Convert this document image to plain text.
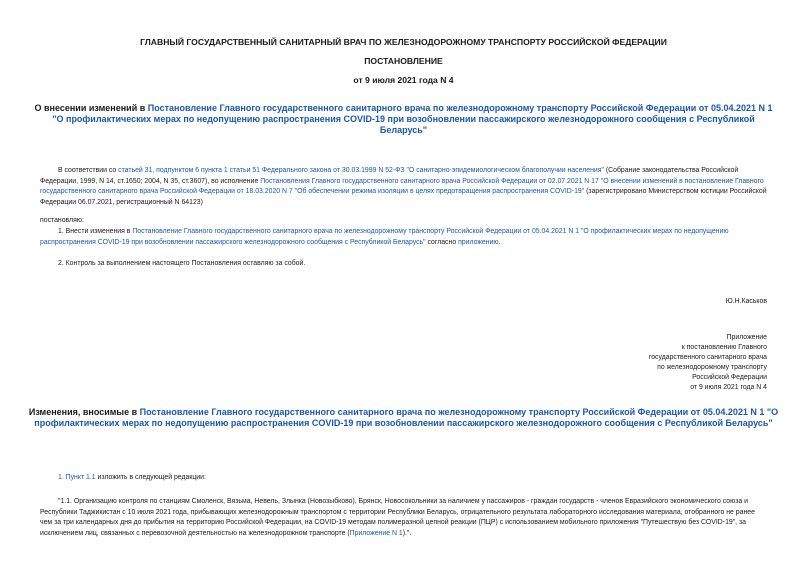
ГЛАВНЫЙ ГОСУДАРСТВЕННЫЙ САНИТАРНЫЙ ВРАЧ ПО ЖЕЛЕЗНОДОРОЖНОМУ ТРАНСПОРТУ РОССИЙСКОЙ ФЕДЕРАЦИИ
ПОСТАНОВЛЕНИЕ
от 9 июля 2021 года N 4
О внесении изменений в Постановление Главного государственного санитарного врача по железнодорожному транспорту Российской Федерации от 05.04.2021 N 1 "О профилактических мерах по недопущению распространения COVID-19 при возобновлении пассажирского железнодорожного сообщения с Республикой Беларусь"
В соответствии со статьей 31, подпунктом 6 пункта 1 статьи 51 Федерального закона от 30.03.1999 N 52-ФЗ "О санитарно-эпидемиологическом благополучии населения" (Собрание законодательства Российской Федерации, 1999, N 14, ст.1650; 2004, N 35, ст.3607), во исполнение Постановления Главного государственного санитарного врача Российской Федерации от 02.07.2021 N 17 "О внесении изменений в постановление Главного государственного санитарного врача Российской Федерации от 18.03.2020 N 7 "Об обеспечении режима изоляции в целях предотвращения распространения COVID-19" (зарегистрировано Министерством юстиции Российской Федерации 06.07.2021, регистрационный N 64123)
постановляю:
1. Внести изменения в Постановление Главного государственного санитарного врача по железнодорожному транспорту Российской Федерации от 05.04.2021 N 1 "О профилактических мерах по недопущению распространения COVID-19 при возобновлении пассажирского железнодорожного сообщения с Республикой Беларусь" согласно приложению.
2. Контроль за выполнением настоящего Постановления оставляю за собой.
Ю.Н.Каськов
Приложение
к постановлению Главного
государственного санитарного врача
по железнодорожному транспорту
Российской Федерации
от 9 июля 2021 года N 4
Изменения, вносимые в Постановление Главного государственного санитарного врача по железнодорожному транспорту Российской Федерации от 05.04.2021 N 1 "О профилактических мерах по недопущению распространения COVID-19 при возобновлении пассажирского железнодорожного сообщения с Республикой Беларусь"
1. Пункт 1.1 изложить в следующей редакции:
"1.1. Организацию контроля по станциям Смоленск, Вязьма, Невель, Злынка (Новозыбково), Брянск, Новосокольники за наличием у пассажиров - граждан государств - членов Евразийского экономического союза и Республики Таджикистан с 10 июля 2021 года, прибывающих железнодорожным транспортом с территории Республики Беларусь, отрицательного результата лабораторного исследования материала, отобранного не ранее чем за три календарных дня до прибытия на территорию Российской Федерации, на COVID-19 методам полимеразной цепной реакции (ПЦР) с использованием мобильного приложения "Путешествую без COVID-19", за исключением лиц, связанных с перевозочной деятельностью на железнодорожном транспорте (Приложение N 1).".
